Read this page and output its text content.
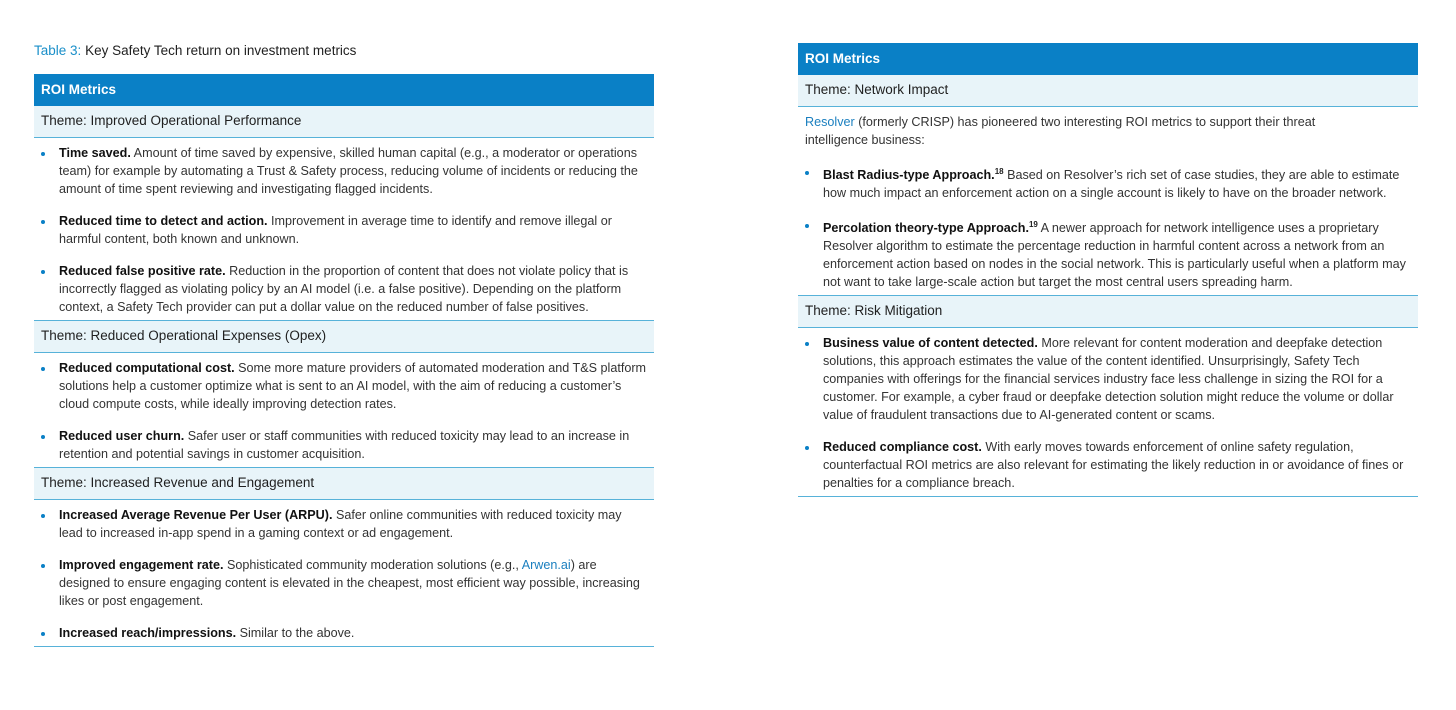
Table 3: Key Safety Tech return on investment metrics
ROI Metrics
Theme: Improved Operational Performance
Time saved. Amount of time saved by expensive, skilled human capital (e.g., a moderator or operations team) for example by automating a Trust & Safety process, reducing volume of incidents or reducing the amount of time spent reviewing and investigating flagged incidents.
Reduced time to detect and action. Improvement in average time to identify and remove illegal or harmful content, both known and unknown.
Reduced false positive rate. Reduction in the proportion of content that does not violate policy that is incorrectly flagged as violating policy by an AI model (i.e. a false positive). Depending on the platform context, a Safety Tech provider can put a dollar value on the reduced number of false positives.
Theme: Reduced Operational Expenses (Opex)
Reduced computational cost. Some more mature providers of automated moderation and T&S platform solutions help a customer optimize what is sent to an AI model, with the aim of reducing a customer’s cloud compute costs, while ideally improving detection rates.
Reduced user churn. Safer user or staff communities with reduced toxicity may lead to an increase in retention and potential savings in customer acquisition.
Theme: Increased Revenue and Engagement
Increased Average Revenue Per User (ARPU). Safer online communities with reduced toxicity may lead to increased in-app spend in a gaming context or ad engagement.
Improved engagement rate. Sophisticated community moderation solutions (e.g., Arwen.ai) are designed to ensure engaging content is elevated in the cheapest, most efficient way possible, increasing likes or post engagement.
Increased reach/impressions. Similar to the above.
ROI Metrics
Theme: Network Impact

Resolver (formerly CRISP) has pioneered two interesting ROI metrics to support their threat intelligence business:

Blast Radius-type Approach.$^{18}$ Based on Resolver’s rich set of case studies, they are able to estimate how much impact an enforcement action on a single account is likely to have on the broader network.
Percolation theory-type Approach.$^{19}$ A newer approach for network intelligence uses a proprietary Resolver algorithm to estimate the percentage reduction in harmful content across a network from an enforcement action based on nodes in the social network. This is particularly useful when a platform may not want to take large-scale action but target the most central users spreading harm.
Theme: Risk Mitigation
Business value of content detected. More relevant for content moderation and deepfake detection solutions, this approach estimates the value of the content identified. Unsurprisingly, Safety Tech companies with offerings for the financial services industry face less challenge in sizing the ROI for a customer. For example, a cyber fraud or deepfake detection solution might reduce the volume or dollar value of fraudulent transactions due to AI-generated content or scams.
Reduced compliance cost. With early moves towards enforcement of online safety regulation, counterfactual ROI metrics are also relevant for estimating the likely reduction in or avoidance of fines or penalties for a compliance breach.
